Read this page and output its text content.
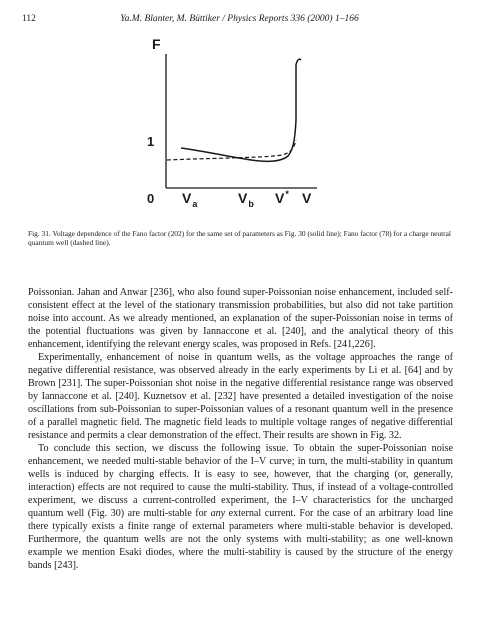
112	Ya.M. Blanter, M. Büttiker / Physics Reports 336 (2000) 1–166
F
1
0 $V_a$	$V_b$ V* V
Fig. 31. Voltage dependence of the Fano factor (202) for the same set of parameters as Fig. 30 (solid line); Fano factor (78) for a charge neutral quantum well (dashed line).

Poissonian. Jahan and Anwar [236], who also found super-Poissonian noise enhancement, included self-consistent effect at the level of the stationary transmission probabilities, but also did not take partition noise into account. As we already mentioned, an explanation of the super-Poissonian noise in terms of the potential fluctuations was given by Iannaccone et al. [240], and the analytical theory of this enhancement, identifying the relevant energy scales, was proposed in Refs. [241,226].

Experimentally, enhancement of noise in quantum wells, as the voltage approaches the range of negative differential resistance, was observed already in the early experiments by Li et al. [64] and by Brown [231]. The super-Poissonian shot noise in the negative differential resistance range was observed by Iannaccone et al. [240]. Kuznetsov et al. [232] have presented a detailed investigation of the noise oscillations from sub-Poissonian to super-Poissonian values of a resonant quantum well in the presence of a parallel magnetic field. The magnetic field leads to multiple voltage ranges of negative differential resistance and permits a clear demonstration of the effect. Their results are shown in Fig. 32.

To conclude this section, we discuss the following issue. To obtain the super-Poissonian noise enhancement, we needed multi-stable behavior of the I–V curve; in turn, the multi-stability in quantum wells is induced by charging effects. It is easy to see, however, that the charging (or, generally, interaction) effects are not required to cause the multi-stability. Thus, if instead of a voltage-controlled experiment, we discuss a current-controlled experiment, the I–V characteristics for the uncharged quantum well (Fig. 30) are multi-stable for any external current. For the case of an arbitrary load line there typically exists a finite range of external parameters where multi-stable behavior is developed. Furthermore, the quantum wells are not the only systems with multi-stability; as one well-known example we mention Esaki diodes, where the multi-stability is caused by the structure of the energy bands [243].
